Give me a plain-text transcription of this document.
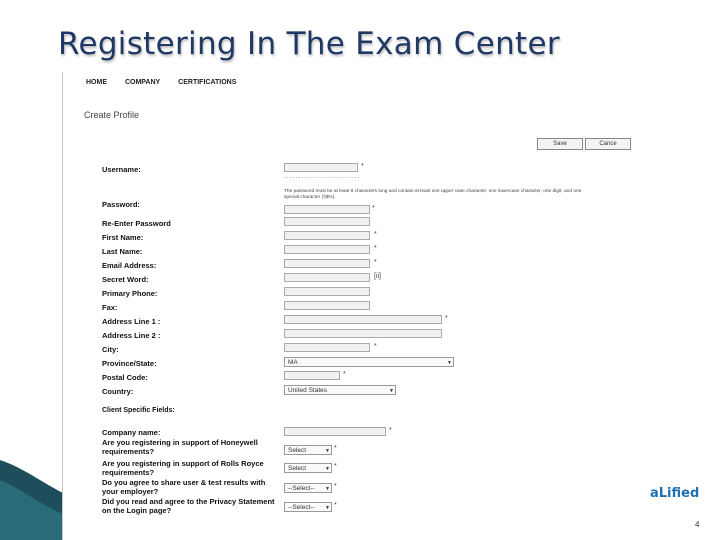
Registering In The Exam Center
HOME	COMPANY	CERTIFICATIONS
Create Profile
Save	Cance
Username:	*
- - - - - - - - - - - - - - - - - - - - - - - - - -
The password must be at least 8 characters long and contain at least one upper case character, one lowercase character, one digit, and one special character (§$%).
Password:	*
Re-Enter Password
First Name:	*
Last Name:	*
Email Address:	*
Secret Word:	[ii]
Primary Phone:
Fax:
Address Line 1 :	*
Address Line 2 :
City:	*
Province/State:	MA	▼
Postal Code:	*
Country:	United States	▼
Client Specific Fields:
Company name:	*
Are you registering in support of Honeywell requirements?	Select	▼ *
Are you registering in support of Rolls Royce requirements?	Select	▼ *
Do you agree to share user & test results with your employer?	--Select-- ▼ *
Did you read and agree to the Privacy Statement on the Login page?	--Select-- ▼ *
aLified
4
